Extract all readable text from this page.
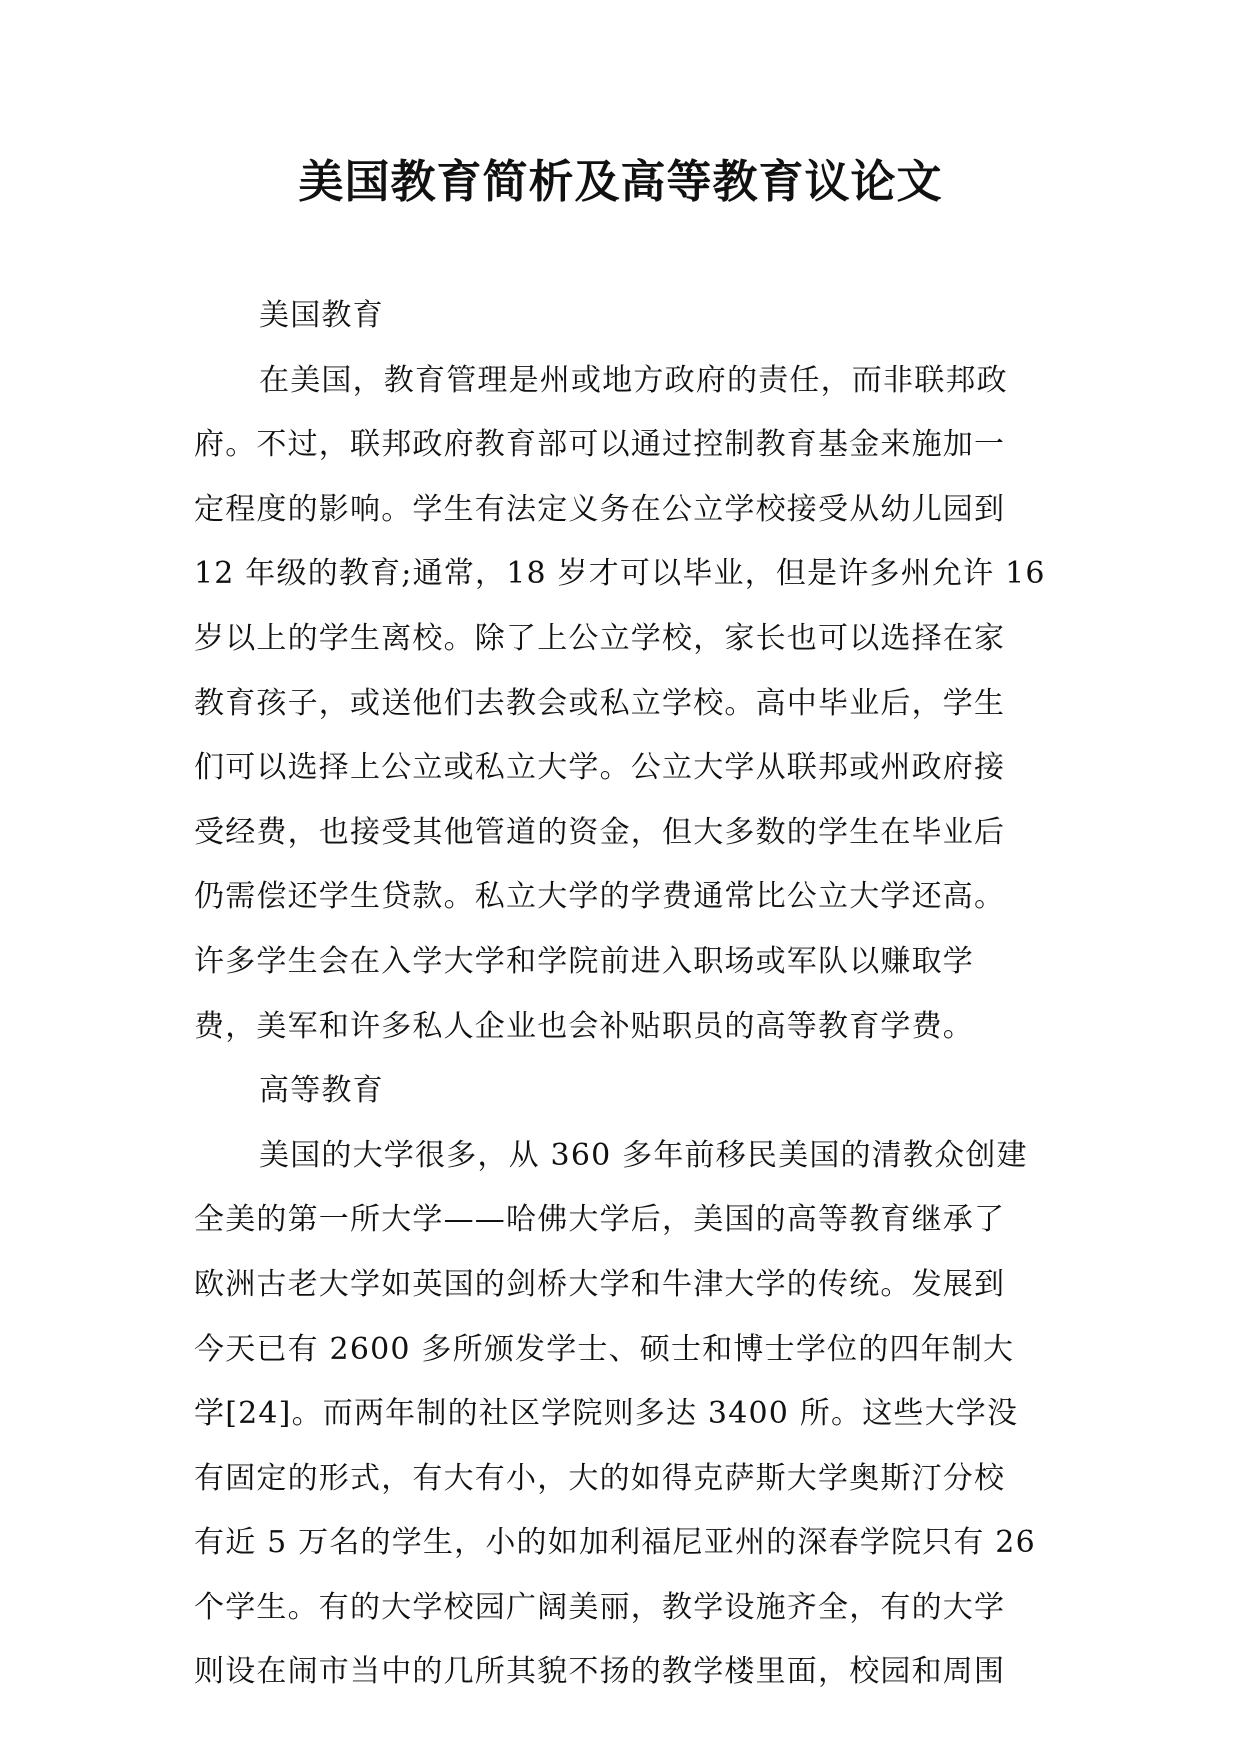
美国教育简析及高等教育议论文
美国教育
在美国，教育管理是州或地方政府的责任，而非联邦政
府。不过，联邦政府教育部可以通过控制教育基金来施加一
定程度的影响。学生有法定义务在公立学校接受从幼儿园到
12 年级的教育;通常，18 岁才可以毕业，但是许多州允许 16
岁以上的学生离校。除了上公立学校，家长也可以选择在家
教育孩子，或送他们去教会或私立学校。高中毕业后，学生
们可以选择上公立或私立大学。公立大学从联邦或州政府接
受经费，也接受其他管道的资金，但大多数的学生在毕业后
仍需偿还学生贷款。私立大学的学费通常比公立大学还高。
许多学生会在入学大学和学院前进入职场或军队以赚取学
费，美军和许多私人企业也会补贴职员的高等教育学费。
高等教育
美国的大学很多，从 360 多年前移民美国的清教众创建
全美的第一所大学——哈佛大学后，美国的高等教育继承了
欧洲古老大学如英国的剑桥大学和牛津大学的传统。发展到
今天已有 2600 多所颁发学士、硕士和博士学位的四年制大
学[24]。而两年制的社区学院则多达 3400 所。这些大学没
有固定的形式，有大有小，大的如得克萨斯大学奥斯汀分校
有近 5 万名的学生，小的如加利福尼亚州的深春学院只有 26
个学生。有的大学校园广阔美丽，教学设施齐全，有的大学
则设在闹市当中的几所其貌不扬的教学楼里面，校园和周围
